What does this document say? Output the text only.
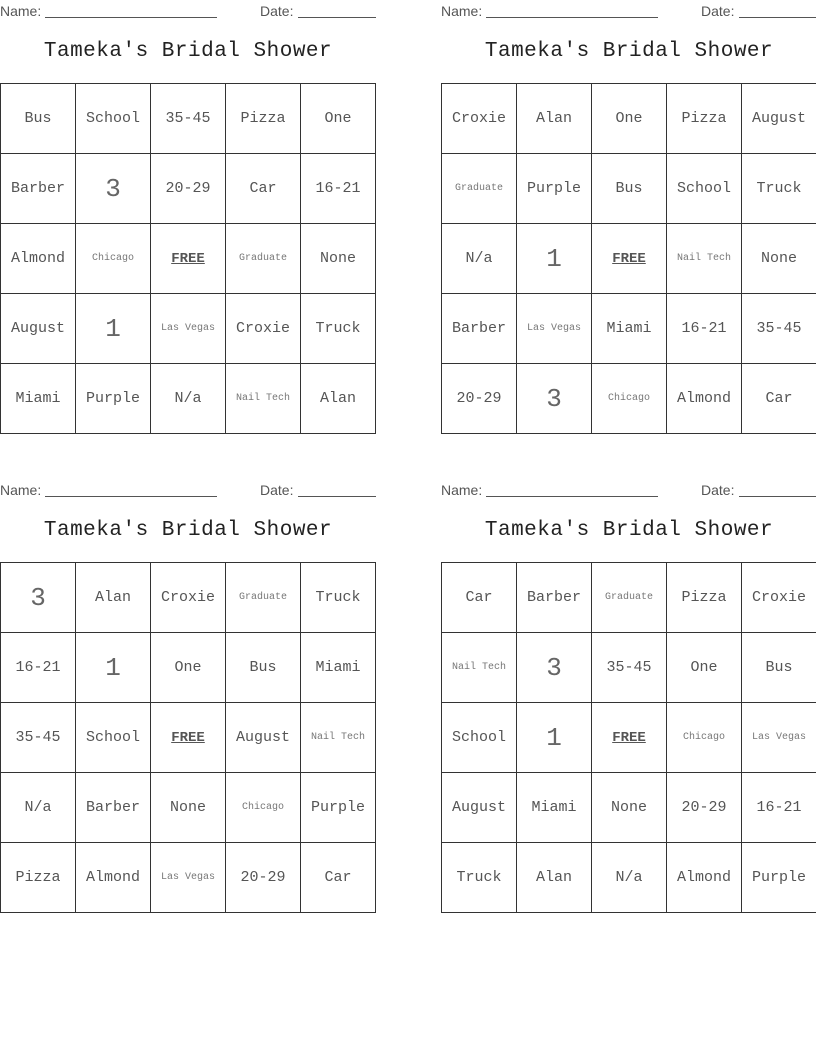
Name:	Date:
Tameka's Bridal Shower
Bus	School	35-45	Pizza	One
Barber	3	20-29	Car	16-21
Almond	Chicago	FREE	Graduate	None
August	1	Las Vegas	Croxie	Truck
Miami	Purple	N/a	Nail Tech	Alan
Name:	Date:
Tameka's Bridal Shower
Croxie	Alan	One	Pizza	August
Graduate	Purple	Bus	School	Truck
N/a	1	FREE	Nail Tech	None
Barber	Las Vegas	Miami	16-21	35-45
20-29	3	Chicago	Almond	Car
Name:	Date:
Tameka's Bridal Shower
3	Alan	Croxie	Graduate	Truck
16-21	1	One	Bus	Miami
35-45	School	FREE	August	Nail Tech
N/a	Barber	None	Chicago	Purple
Pizza	Almond	Las Vegas	20-29	Car
Name:	Date:
Tameka's Bridal Shower
Car	Barber	Graduate	Pizza	Croxie
Nail Tech	3	35-45	One	Bus
School	1	FREE	Chicago	Las Vegas
August	Miami	None	20-29	16-21
Truck	Alan	N/a	Almond	Purple
